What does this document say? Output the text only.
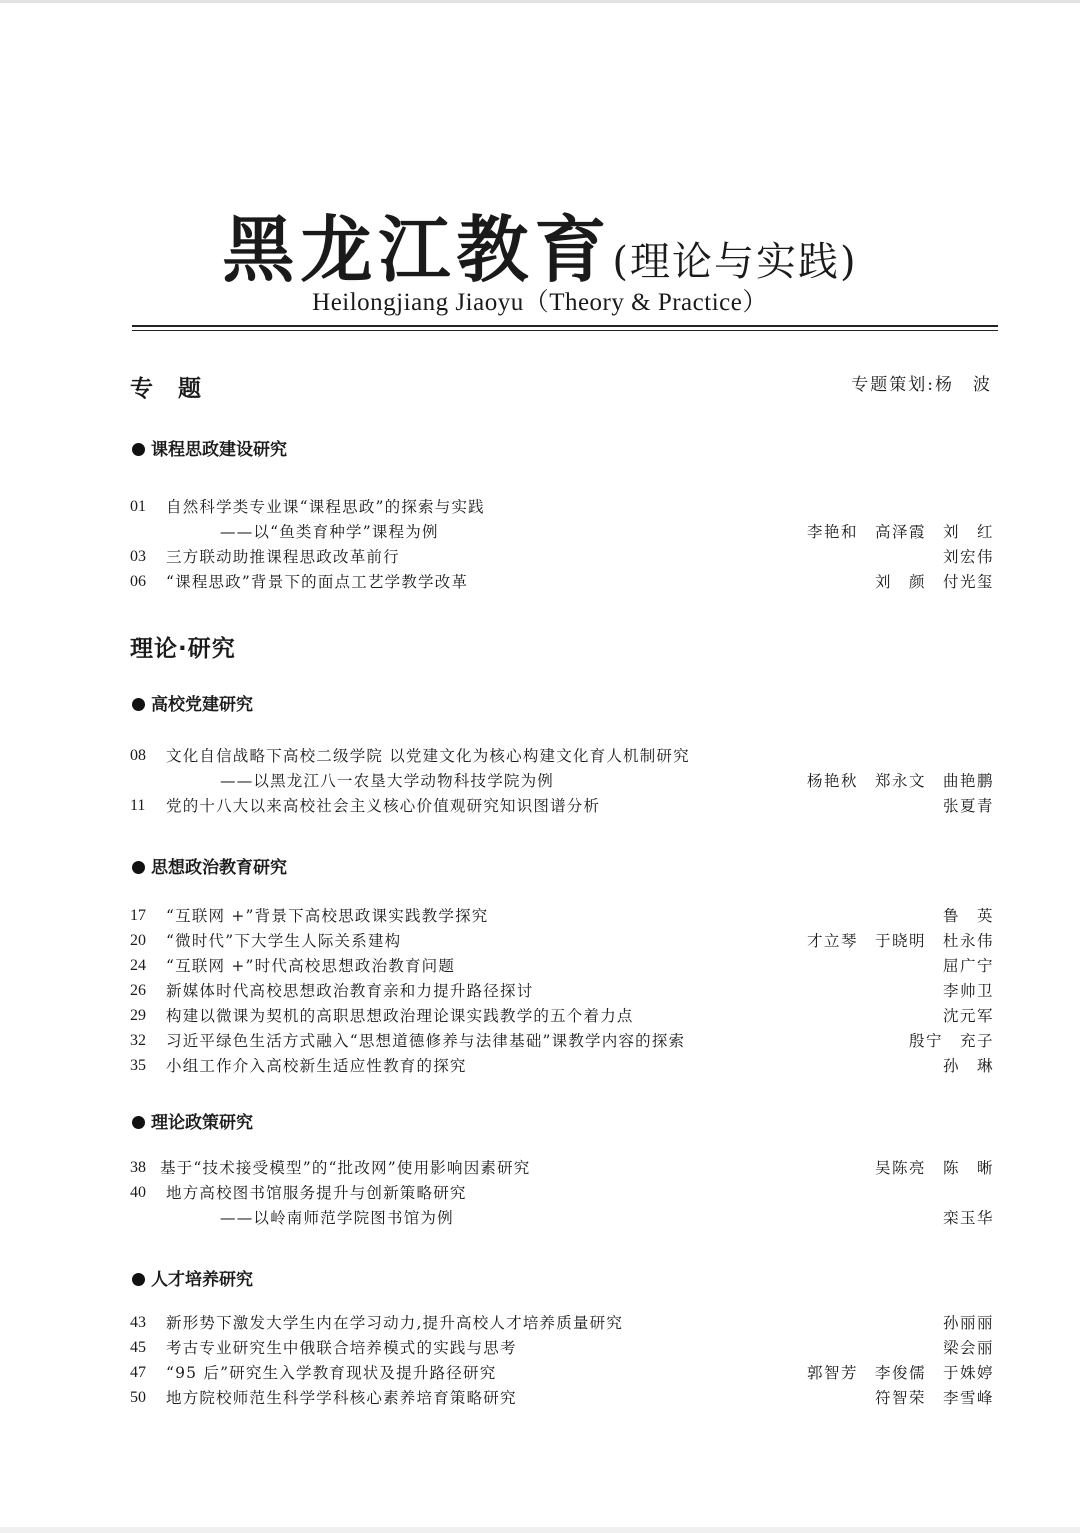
黑龙江教育(理论与实践)
Heilongjiang Jiaoyu（Theory & Practice）
专　题	专题策划:杨　波
课程思政建设研究
01 自然科学类专业课“课程思政”的探索与实践
——以“鱼类育种学”课程为例	李艳和　高泽霞　刘　红
03 三方联动助推课程思政改革前行	刘宏伟
06 “课程思政”背景下的面点工艺学教学改革	刘　颜　付光玺
理论·研究
高校党建研究
08 文化自信战略下高校二级学院 以党建文化为核心构建文化育人机制研究
——以黑龙江八一农垦大学动物科技学院为例	杨艳秋　郑永文　曲艳鹏
11 党的十八大以来高校社会主义核心价值观研究知识图谱分析	张夏青
思想政治教育研究
17 “互联网 +”背景下高校思政课实践教学探究	鲁　英
20 “微时代”下大学生人际关系建构	才立琴　于晓明　杜永伟
24 “互联网 +”时代高校思想政治教育问题	屈广宁
26 新媒体时代高校思想政治教育亲和力提升路径探讨	李帅卫
29 构建以微课为契机的高职思想政治理论课实践教学的五个着力点	沈元军
32 习近平绿色生活方式融入“思想道德修养与法律基础”课教学内容的探索	殷宁　充子
35 小组工作介入高校新生适应性教育的探究	孙　琳
理论政策研究
38 基于“技术接受模型”的“批改网”使用影响因素研究	吴陈亮　陈　晰
40 地方高校图书馆服务提升与创新策略研究
——以岭南师范学院图书馆为例	栾玉华
人才培养研究
43 新形势下激发大学生内在学习动力,提升高校人才培养质量研究	孙丽丽
45 考古专业研究生中俄联合培养模式的实践与思考	梁会丽
47 “95 后”研究生入学教育现状及提升路径研究	郭智芳　李俊儒　于姝婷
50 地方院校师范生科学学科核心素养培育策略研究	符智荣　李雪峰
